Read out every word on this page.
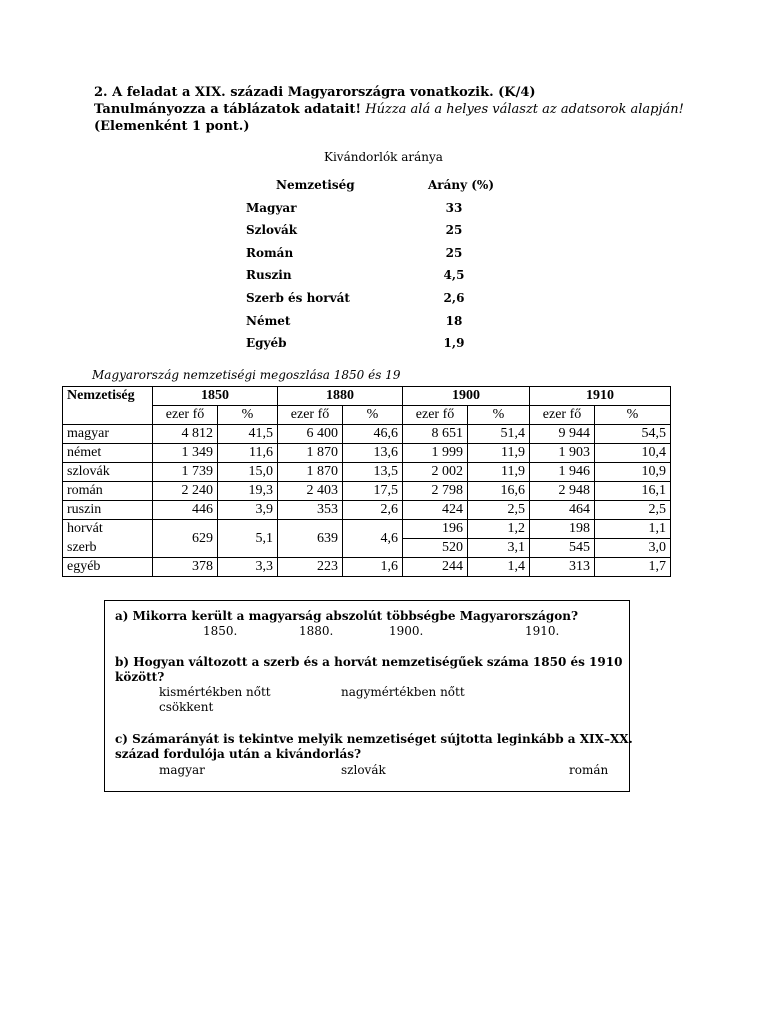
2. A feladat a XIX. századi Magyarországra vonatkozik. (K/4)
Tanulmányozza a táblázatok adatait! Húzza alá a helyes választ az adatsorok alapján!
(Elemenként 1 pont.)
Kivándorlók aránya
Nemzetiség	Arány (%)
Magyar	33
Szlovák	25
Román	25
Ruszin	4,5
Szerb és horvát	2,6
Német	18
Egyéb	1,9
Magyarország nemzetiségi megoszlása 1850 és 19
Nemzetiség	1850		1880		1900		1910	
	ezer fő	%	ezer fő	%	ezer fő	%	ezer fő	%
magyar	4 812	41,5	6 400	46,6	8 651	51,4	9 944	54,5
német	1 349	11,6	1 870	13,6	1 999	11,9	1 903	10,4
szlovák	1 739	15,0	1 870	13,5	2 002	11,9	1 946	10,9
román	2 240	19,3	2 403	17,5	2 798	16,6	2 948	16,1
ruszin	446	3,9	353	2,6	424	2,5	464	2,5
horvát	629	5,1	639	4,6	196	1,2	198	1,1
szerb					520	3,1	545	3,0
egyéb	378	3,3	223	1,6	244	1,4	313	1,7
a) Mikorra került a magyarság abszolút többségbe Magyarországon?
1850.	1880.	1900.	1910.
b) Hogyan változott a szerb és a horvát nemzetiségűek száma 1850 és 1910
között?
kismértékben nőtt	nagymértékben nőtt
csökkent
c) Számarányát is tekintve melyik nemzetiséget sújtotta leginkább a XIX–XX.
század fordulója után a kivándorlás?
magyar	szlovák	román
